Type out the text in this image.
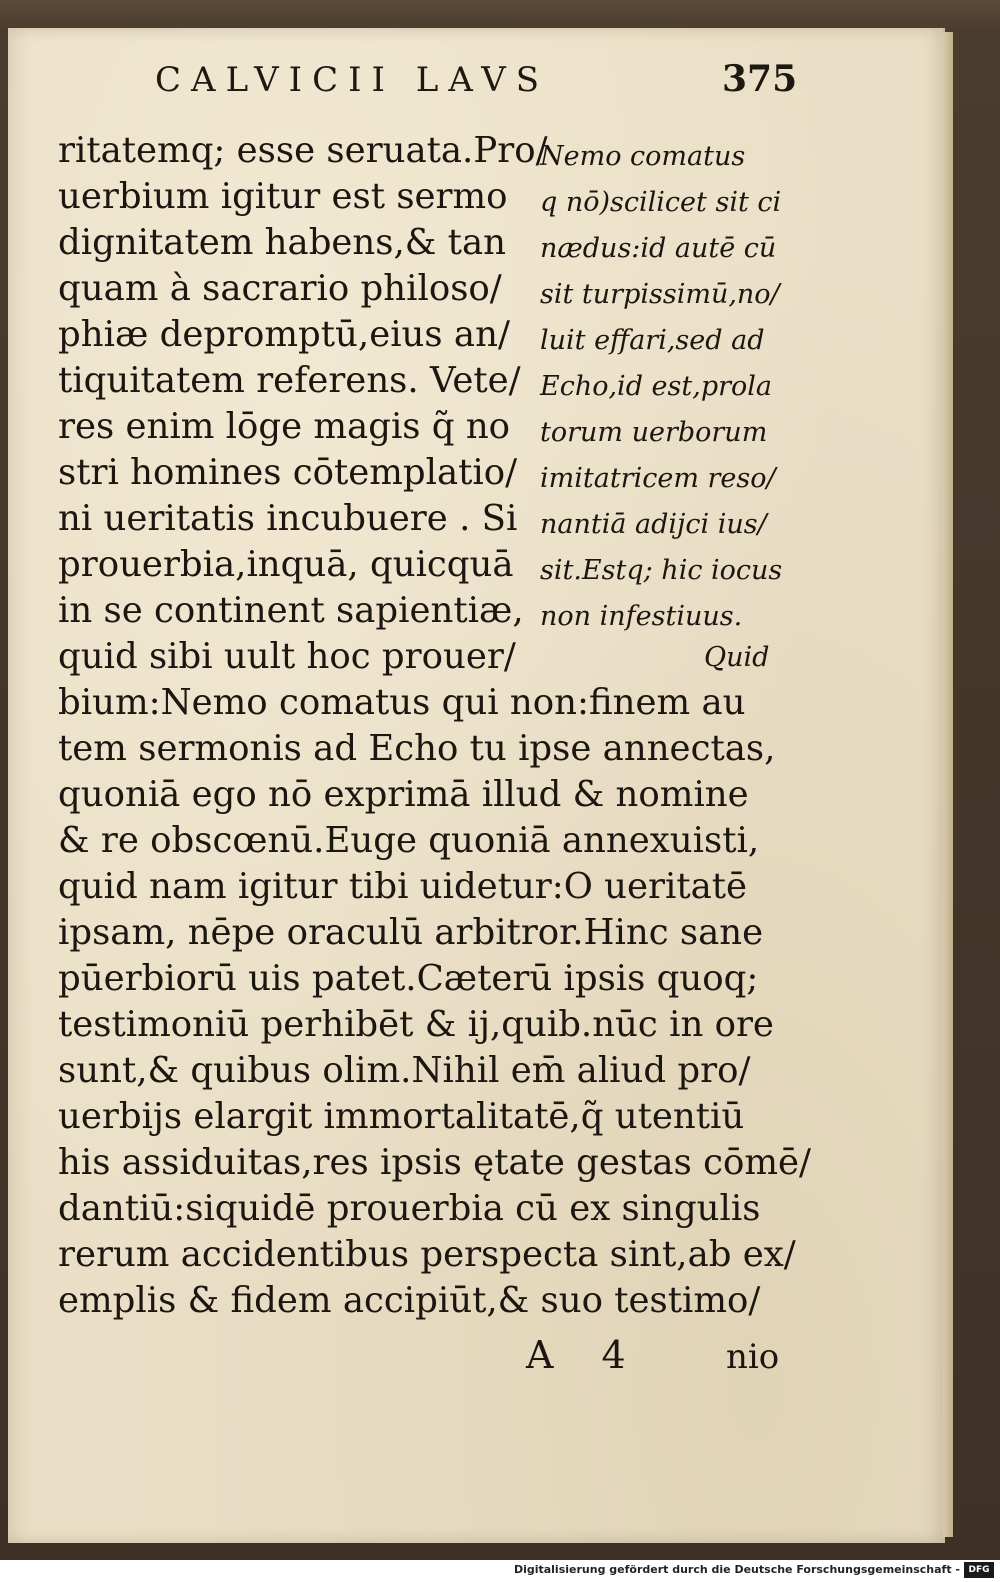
CALVICII LAVS	375
ritatemq; esse seruata.Pro/
uerbium igitur est sermo
dignitatem habens,& tan
quam à sacrario philoso/
phiæ depromptū,eius an/
tiquitatem referens. Vete/
res enim lōge magis q̃ no
stri homines cōtemplatio/
ni ueritatis incubuere . Si
prouerbia,inquā, quicquā
in se continent sapientiæ,
quid sibi uult hoc prouer/
bium:Nemo comatus qui non:finem au
tem sermonis ad Echo tu ipse annectas,
quoniā ego nō exprimā illud & nomine
& re obscœnū.Euge quoniā annexuisti,
quid nam igitur tibi uidetur:O ueritatē
ipsam, nēpe oraculū arbitror.Hinc sane
pūerbiorū uis patet.Cæterū ipsis quoq;
testimoniū perhibēt & ij,quib.nūc in ore
sunt,& quibus olim.Nihil em̄ aliud pro/
uerbijs elargit immortalitatē,q̃ utentiū
his assiduitas,res ipsis ętate gestas cōmē/
dantiū:siquidē prouerbia cū ex singulis
rerum accidentibus perspecta sint,ab ex/
emplis & fidem accipiūt,& suo testimo/
Nemo comatus
q nō)scilicet sit ci
nædus:id autē cū
sit turpissimū,no/
luit effari,sed ad
Echo,id est,prola
torum uerborum
imitatricem reso/
nantiā adijci ius/
sit.Estq; hic iocus
non infestiuus.
Quid
A 4 nio
Digitalisierung gefördert durch die Deutsche Forschungsgemeinschaft - DFG
